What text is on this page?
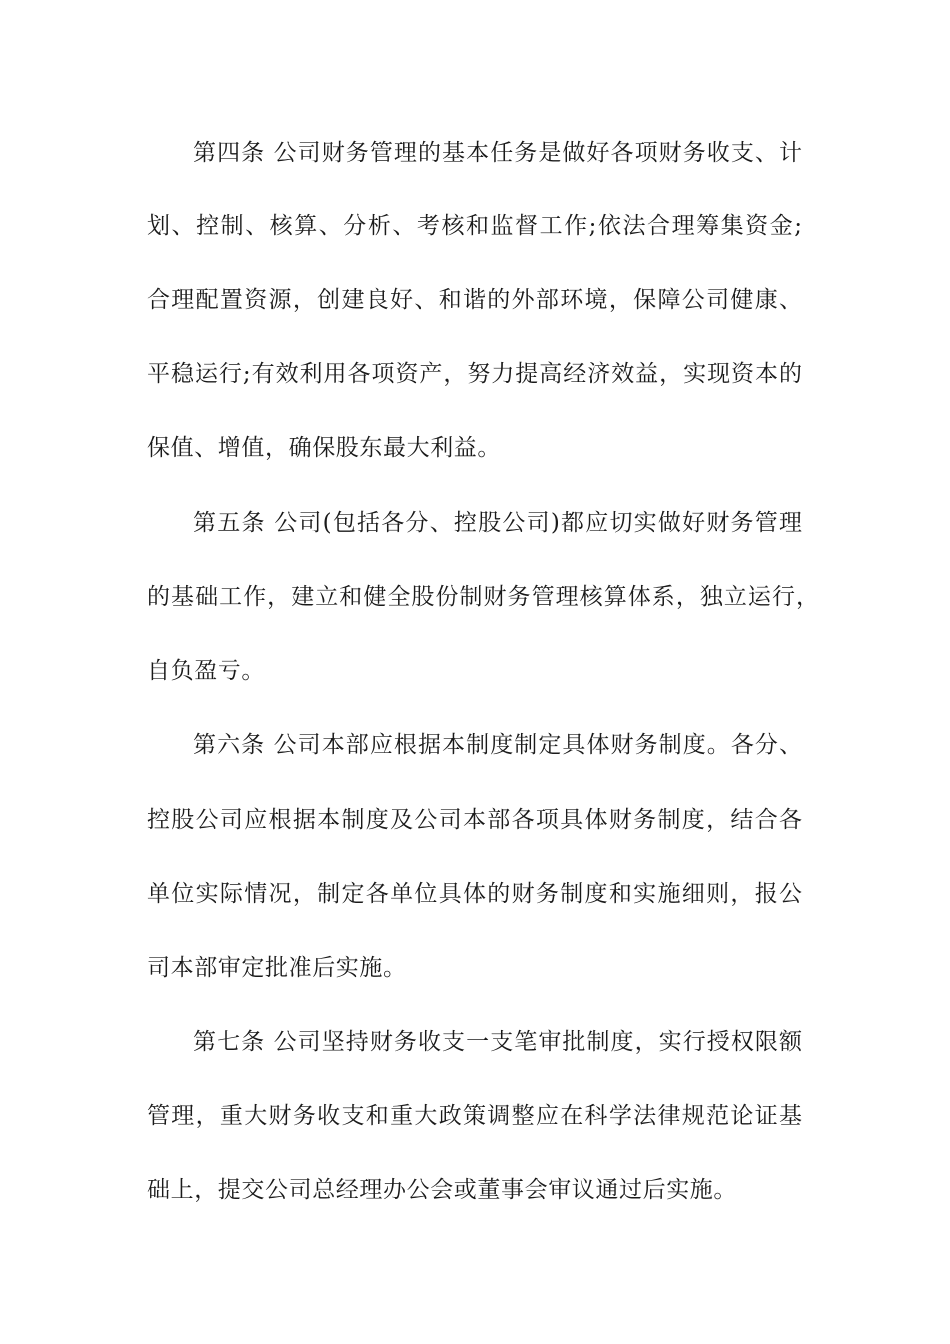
第四条 公司财务管理的基本任务是做好各项财务收支、计
划、控制、核算、分析、考核和监督工作;依法合理筹集资金;
合理配置资源，创建良好、和谐的外部环境，保障公司健康、
平稳运行;有效利用各项资产，努力提高经济效益，实现资本的
保值、增值，确保股东最大利益。
第五条 公司(包括各分、控股公司)都应切实做好财务管理
的基础工作，建立和健全股份制财务管理核算体系，独立运行，
自负盈亏。
第六条 公司本部应根据本制度制定具体财务制度。各分、
控股公司应根据本制度及公司本部各项具体财务制度，结合各
单位实际情况，制定各单位具体的财务制度和实施细则，报公
司本部审定批准后实施。
第七条 公司坚持财务收支一支笔审批制度，实行授权限额
管理，重大财务收支和重大政策调整应在科学法律规范论证基
础上，提交公司总经理办公会或董事会审议通过后实施。
